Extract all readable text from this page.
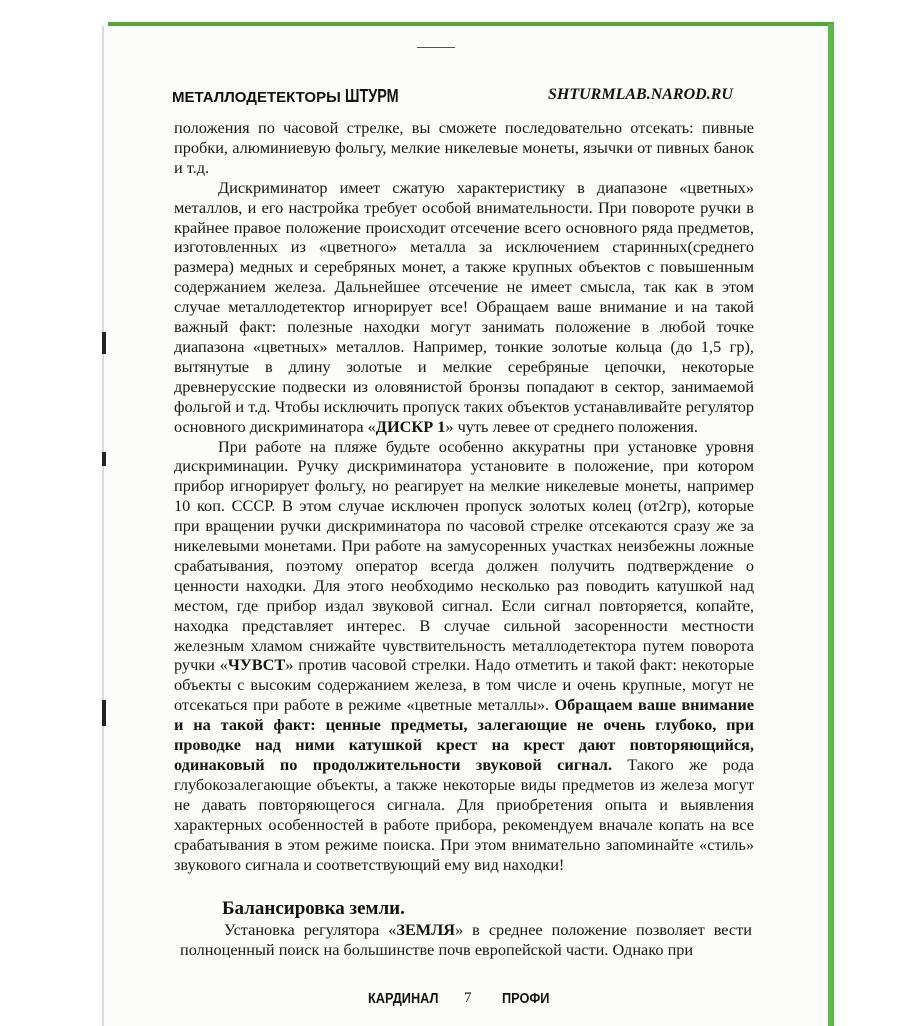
МЕТАЛЛОДЕТЕКТОРЫ ШТУРМ	SHTURMLAB.NAROD.RU

положения по часовой стрелке, вы сможете последовательно отсекать: пивные пробки, алюминиевую фольгу, мелкие никелевые монеты, язычки от пивных банок и т.д.

Дискриминатор имеет сжатую характеристику в диапазоне «цветных» металлов, и его настройка требует особой внимательности. При повороте ручки в крайнее правое положение происходит отсечение всего основного ряда предметов, изготовленных из «цветного» металла за исключением старинных(среднего размера) медных и серебряных монет, а также крупных объектов с повышенным содержанием железа. Дальнейшее отсечение не имеет смысла, так как в этом случае металлодетектор игнорирует все! Обращаем ваше внимание и на такой важный факт: полезные находки могут занимать положение в любой точке диапазона «цветных» металлов. Например, тонкие золотые кольца (до 1,5 гр), вытянутые в длину золотые и мелкие серебряные цепочки, некоторые древнерусские подвески из оловянистой бронзы попадают в сектор, занимаемой фольгой и т.д. Чтобы исключить пропуск таких объектов устанавливайте регулятор основного дискриминатора «ДИСКР 1» чуть левее от среднего положения.

При работе на пляже будьте особенно аккуратны при установке уровня дискриминации. Ручку дискриминатора установите в положение, при котором прибор игнорирует фольгу, но реагирует на мелкие никелевые монеты, например 10 коп. СССР. В этом случае исключен пропуск золотых колец (от2гр), которые при вращении ручки дискриминатора по часовой стрелке отсекаются сразу же за никелевыми монетами. При работе на замусоренных участках неизбежны ложные срабатывания, поэтому оператор всегда должен получить подтверждение о ценности находки. Для этого необходимо несколько раз поводить катушкой над местом, где прибор издал звуковой сигнал. Если сигнал повторяется, копайте, находка представляет интерес. В случае сильной засоренности местности железным хламом снижайте чувствительность металлодетектора путем поворота ручки «ЧУВСТ» против часовой стрелки. Надо отметить и такой факт: некоторые объекты с высоким содержанием железа, в том числе и очень крупные, могут не отсекаться при работе в режиме «цветные металлы». Обращаем ваше внимание и на такой факт: ценные предметы, залегающие не очень глубоко, при проводке над ними катушкой крест на крест дают повторяющийся, одинаковый по продолжительности звуковой сигнал. Такого же рода глубокозалегающие объекты, а также некоторые виды предметов из железа могут не давать повторяющегося сигнала. Для приобретения опыта и выявления характерных особенностей в работе прибора, рекомендуем вначале копать на все срабатывания в этом режиме поиска. При этом внимательно запоминайте «стиль» звукового сигнала и соответствующий ему вид находки!

Балансировка земли.

Установка регулятора «ЗЕМЛЯ» в среднее положение позволяет вести полноценный поиск на большинстве почв европейской части. Однако при

КАРДИНАЛ 7 ПРОФИ
